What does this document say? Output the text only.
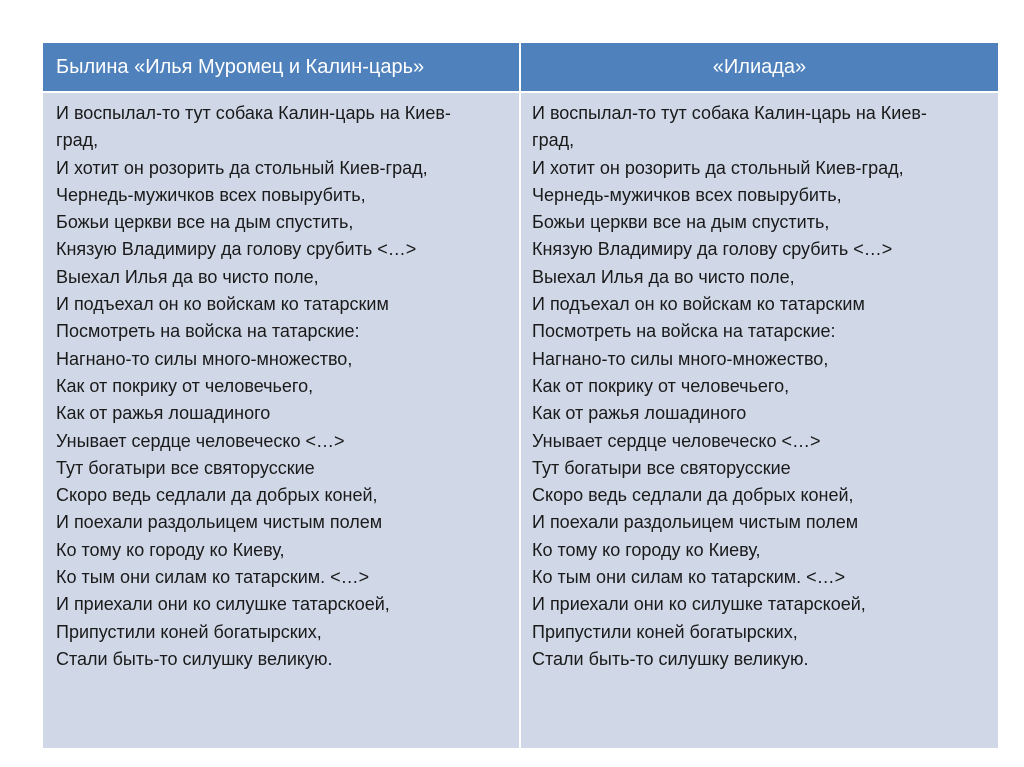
Былина «Илья Муромец и Калин-царь»	«Илиада»
И воспылал-то тут собака Калин-царь на Киев-
град,
И хотит он розорить да стольный Киев-град,
Чернедь-мужичков всех повырубить,
Божьи церкви все на дым спустить,
Князую Владимиру да голову срубить <…>
Выехал Илья да во чисто поле,
И подъехал он ко войскам ко татарским
Посмотреть на войска на татарские:
Нагнано-то силы много-множество,
Как от покрику от человечьего,
Как от ражья лошадиного
Унывает сердце человеческо <…>
Тут богатыри все святорусские
Скоро ведь седлали да добрых коней,
И поехали раздольицем чистым полем
Ко тому ко городу ко Киеву,
Ко тым они силам ко татарским. <…>
И приехали они ко силушке татарскоей,
Припустили коней богатырских,
Стали быть-то силушку великую.
И воспылал-то тут собака Калин-царь на Киев-
град,
И хотит он розорить да стольный Киев-град,
Чернедь-мужичков всех повырубить,
Божьи церкви все на дым спустить,
Князую Владимиру да голову срубить <…>
Выехал Илья да во чисто поле,
И подъехал он ко войскам ко татарским
Посмотреть на войска на татарские:
Нагнано-то силы много-множество,
Как от покрику от человечьего,
Как от ражья лошадиного
Унывает сердце человеческо <…>
Тут богатыри все святорусские
Скоро ведь седлали да добрых коней,
И поехали раздольицем чистым полем
Ко тому ко городу ко Киеву,
Ко тым они силам ко татарским. <…>
И приехали они ко силушке татарскоей,
Припустили коней богатырских,
Стали быть-то силушку великую.
